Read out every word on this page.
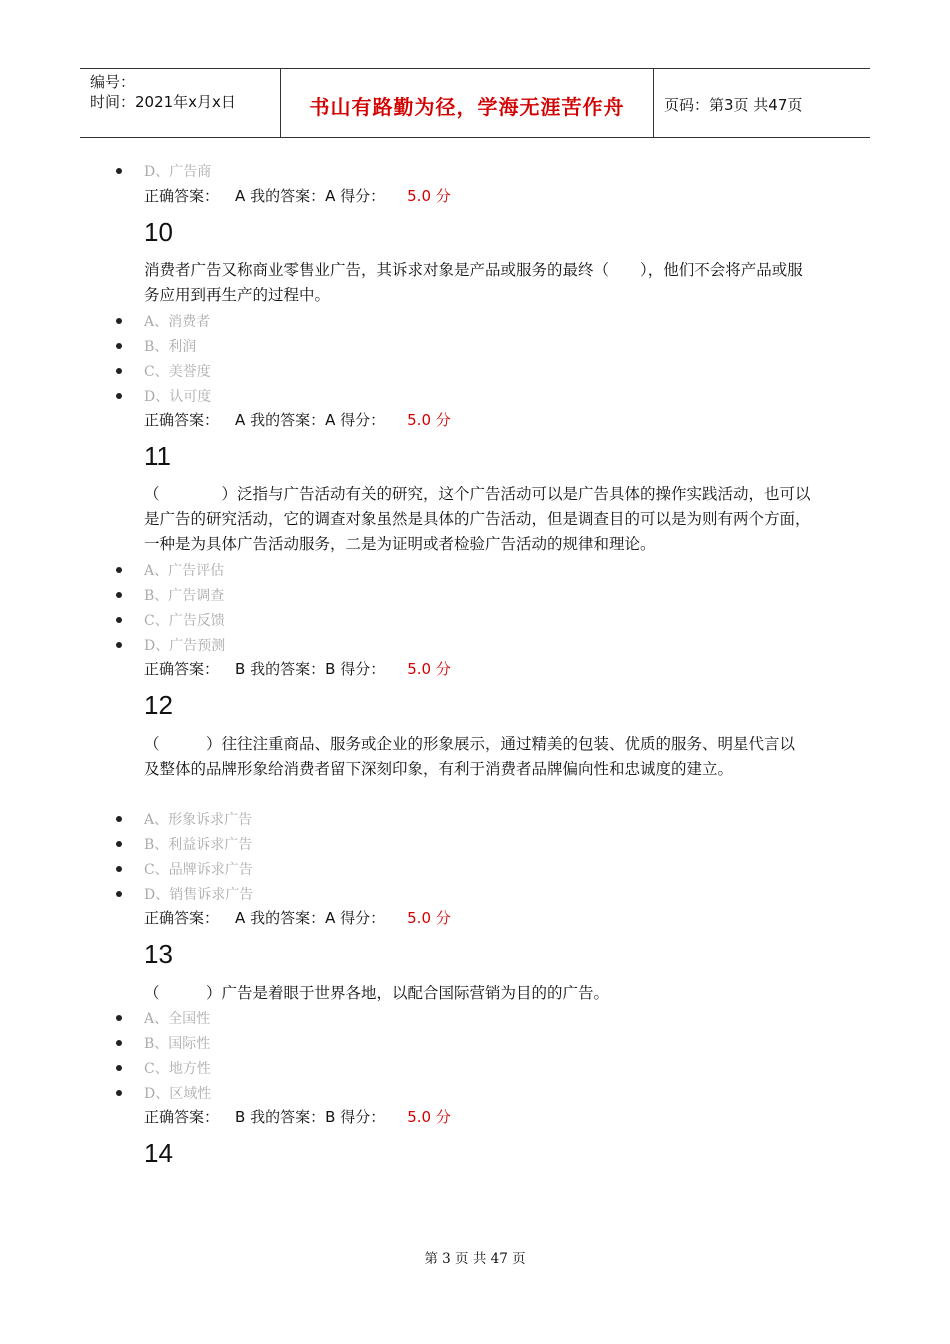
编号：
时间：2021年x月x日	书山有路勤为径，学海无涯苦作舟	页码：第3页 共47页
D、广告商
正确答案： A 我的答案：A 得分： 5.0 分
10
消费者广告又称商业零售业广告，其诉求对象是产品或服务的最终（　　），他们不会将产品或服务应用到再生产的过程中。
A、消费者
B、利润
C、美誉度
D、认可度
正确答案： A 我的答案：A 得分： 5.0 分
11
（　　　　）泛指与广告活动有关的研究，这个广告活动可以是广告具体的操作实践活动，也可以是广告的研究活动，它的调查对象虽然是具体的广告活动，但是调查目的可以是为则有两个方面，一种是为具体广告活动服务，二是为证明或者检验广告活动的规律和理论。
A、广告评估
B、广告调查
C、广告反馈
D、广告预测
正确答案： B 我的答案：B 得分： 5.0 分
12
（　　　）往往注重商品、服务或企业的形象展示，通过精美的包装、优质的服务、明星代言以及整体的品牌形象给消费者留下深刻印象，有利于消费者品牌偏向性和忠诚度的建立。
A、形象诉求广告
B、利益诉求广告
C、品牌诉求广告
D、销售诉求广告
正确答案： A 我的答案：A 得分： 5.0 分
13
（　　　）广告是着眼于世界各地，以配合国际营销为目的的广告。
A、全国性
B、国际性
C、地方性
D、区域性
正确答案： B 我的答案：B 得分： 5.0 分
14
第 3 页 共 47 页
